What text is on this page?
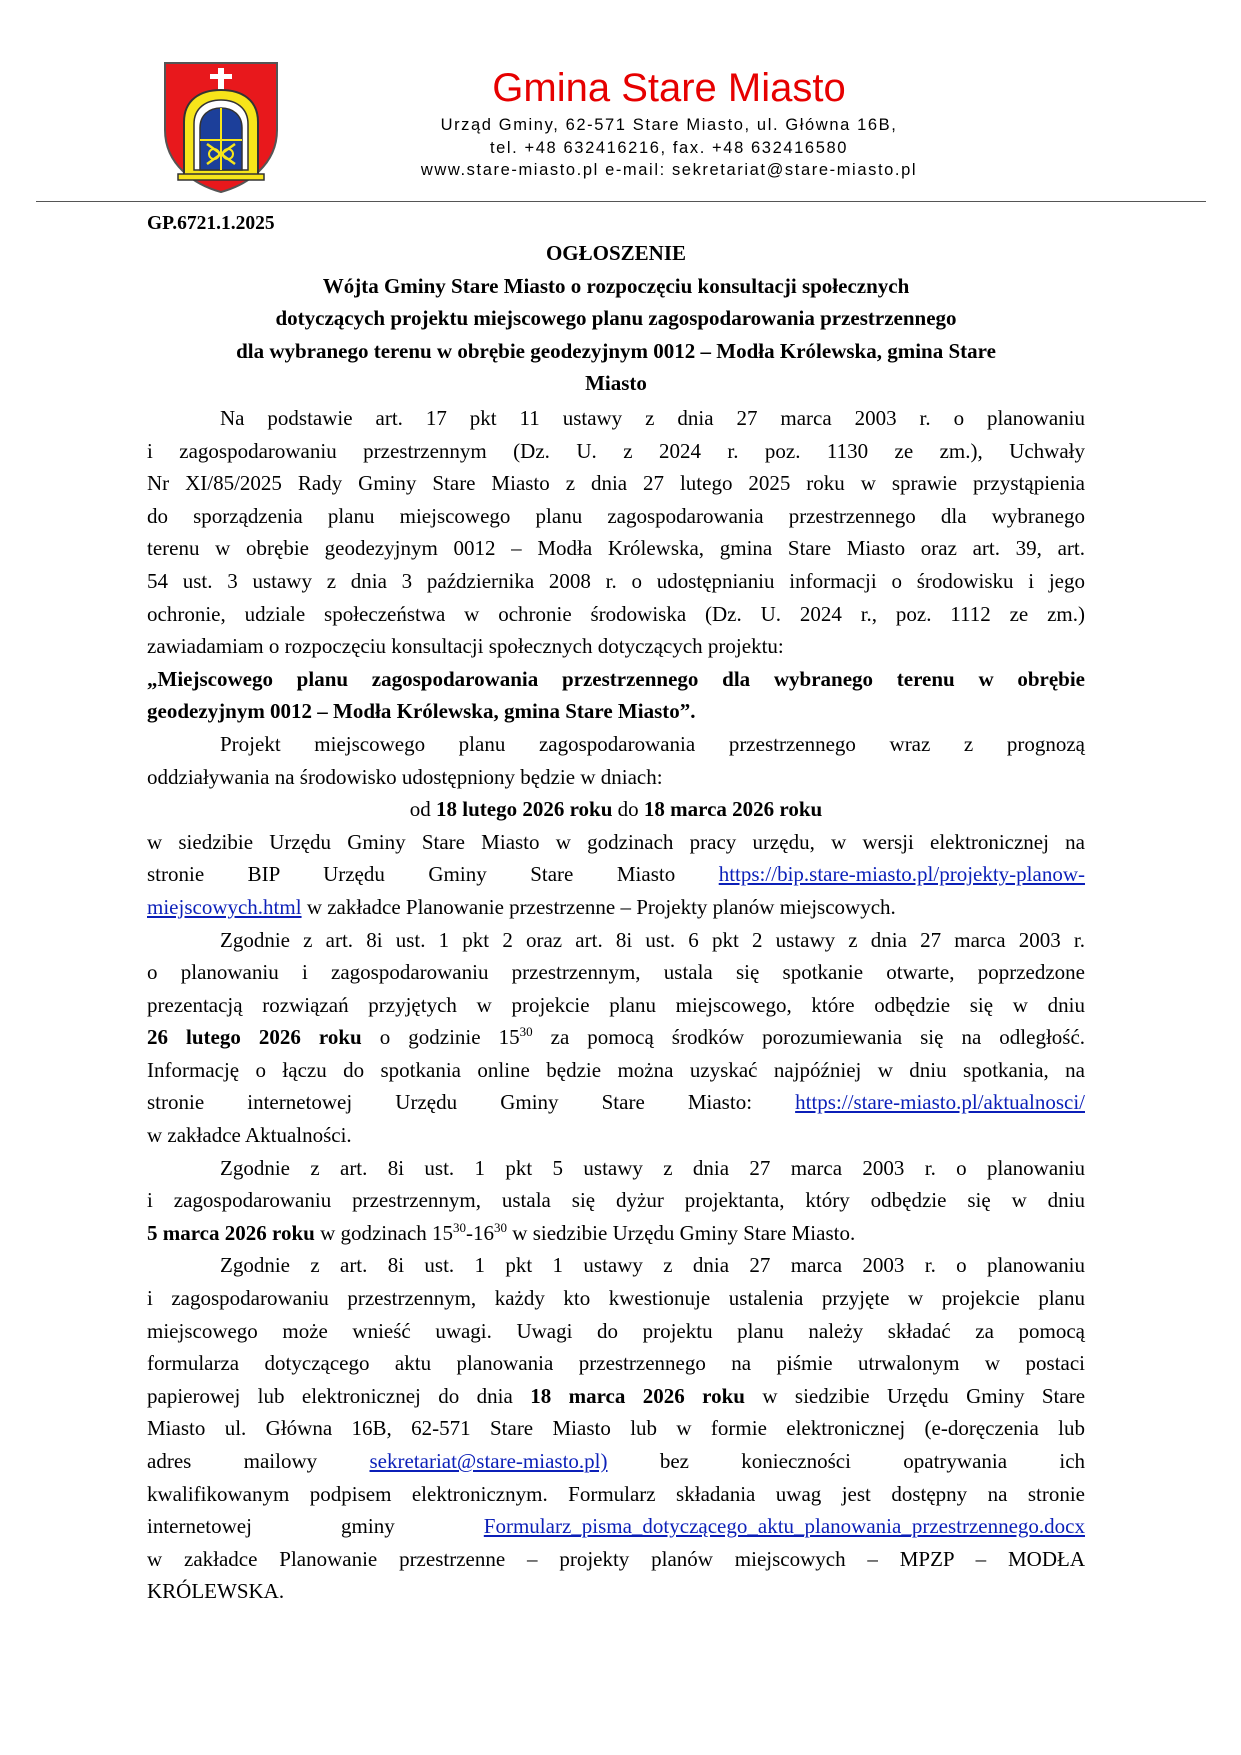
Gmina Stare Miasto
Urząd Gminy, 62-571 Stare Miasto, ul. Główna 16B,
tel. +48 632416216, fax. +48 632416580
www.stare-miasto.pl e-mail: sekretariat@stare-miasto.pl
GP.6721.1.2025
OGŁOSZENIE
Wójta Gminy Stare Miasto o rozpoczęciu konsultacji społecznych
dotyczących projektu miejscowego planu zagospodarowania przestrzennego
dla wybranego terenu w obrębie geodezyjnym 0012 – Modła Królewska, gmina Stare
Miasto
Na podstawie art. 17 pkt 11 ustawy z dnia 27 marca 2003 r. o planowaniu
i zagospodarowaniu przestrzennym (Dz. U. z 2024 r. poz. 1130 ze zm.), Uchwały
Nr XI/85/2025 Rady Gminy Stare Miasto z dnia 27 lutego 2025 roku w sprawie przystąpienia
do sporządzenia planu miejscowego planu zagospodarowania przestrzennego dla wybranego
terenu w obrębie geodezyjnym 0012 – Modła Królewska, gmina Stare Miasto oraz art. 39, art.
54 ust. 3 ustawy z dnia 3 października 2008 r. o udostępnianiu informacji o środowisku i jego
ochronie, udziale społeczeństwa w ochronie środowiska (Dz. U. 2024 r., poz. 1112 ze zm.)
zawiadamiam o rozpoczęciu konsultacji społecznych dotyczących projektu:
„Miejscowego planu zagospodarowania przestrzennego dla wybranego terenu w obrębie
geodezyjnym 0012 – Modła Królewska, gmina Stare Miasto”.
Projekt miejscowego planu zagospodarowania przestrzennego wraz z prognozą
oddziaływania na środowisko udostępniony będzie w dniach:
od 18 lutego 2026 roku do 18 marca 2026 roku
w siedzibie Urzędu Gminy Stare Miasto w godzinach pracy urzędu, w wersji elektronicznej na
stronie BIP Urzędu Gminy Stare Miasto https://bip.stare-miasto.pl/projekty-planow-
miejscowych.html w zakładce Planowanie przestrzenne – Projekty planów miejscowych.
Zgodnie z art. 8i ust. 1 pkt 2 oraz art. 8i ust. 6 pkt 2 ustawy z dnia 27 marca 2003 r.
o planowaniu i zagospodarowaniu przestrzennym, ustala się spotkanie otwarte, poprzedzone
prezentacją rozwiązań przyjętych w projekcie planu miejscowego, które odbędzie się w dniu
26 lutego 2026 roku o godzinie $15^{30}$ za pomocą środków porozumiewania się na odległość.
Informację o łączu do spotkania online będzie można uzyskać najpóźniej w dniu spotkania, na
stronie internetowej Urzędu Gminy Stare Miasto: https://stare-miasto.pl/aktualnosci/
w zakładce Aktualności.
Zgodnie z art. 8i ust. 1 pkt 5 ustawy z dnia 27 marca 2003 r. o planowaniu
i zagospodarowaniu przestrzennym, ustala się dyżur projektanta, który odbędzie się w dniu
5 marca 2026 roku w godzinach $15^{30}-16^{30}$ w siedzibie Urzędu Gminy Stare Miasto.
Zgodnie z art. 8i ust. 1 pkt 1 ustawy z dnia 27 marca 2003 r. o planowaniu
i zagospodarowaniu przestrzennym, każdy kto kwestionuje ustalenia przyjęte w projekcie planu
miejscowego może wnieść uwagi. Uwagi do projektu planu należy składać za pomocą
formularza dotyczącego aktu planowania przestrzennego na piśmie utrwalonym w postaci
papierowej lub elektronicznej do dnia 18 marca 2026 roku w siedzibie Urzędu Gminy Stare
Miasto ul. Główna 16B, 62-571 Stare Miasto lub w formie elektronicznej (e-doręczenia lub
adres mailowy sekretariat@stare-miasto.pl) bez konieczności opatrywania ich
kwalifikowanym podpisem elektronicznym. Formularz składania uwag jest dostępny na stronie
internetowej gminy	Formularz_pisma_dotyczącego_aktu_planowania_przestrzennego.docx
w zakładce Planowanie przestrzenne – projekty planów miejscowych – MPZP – MODŁA
KRÓLEWSKA.
